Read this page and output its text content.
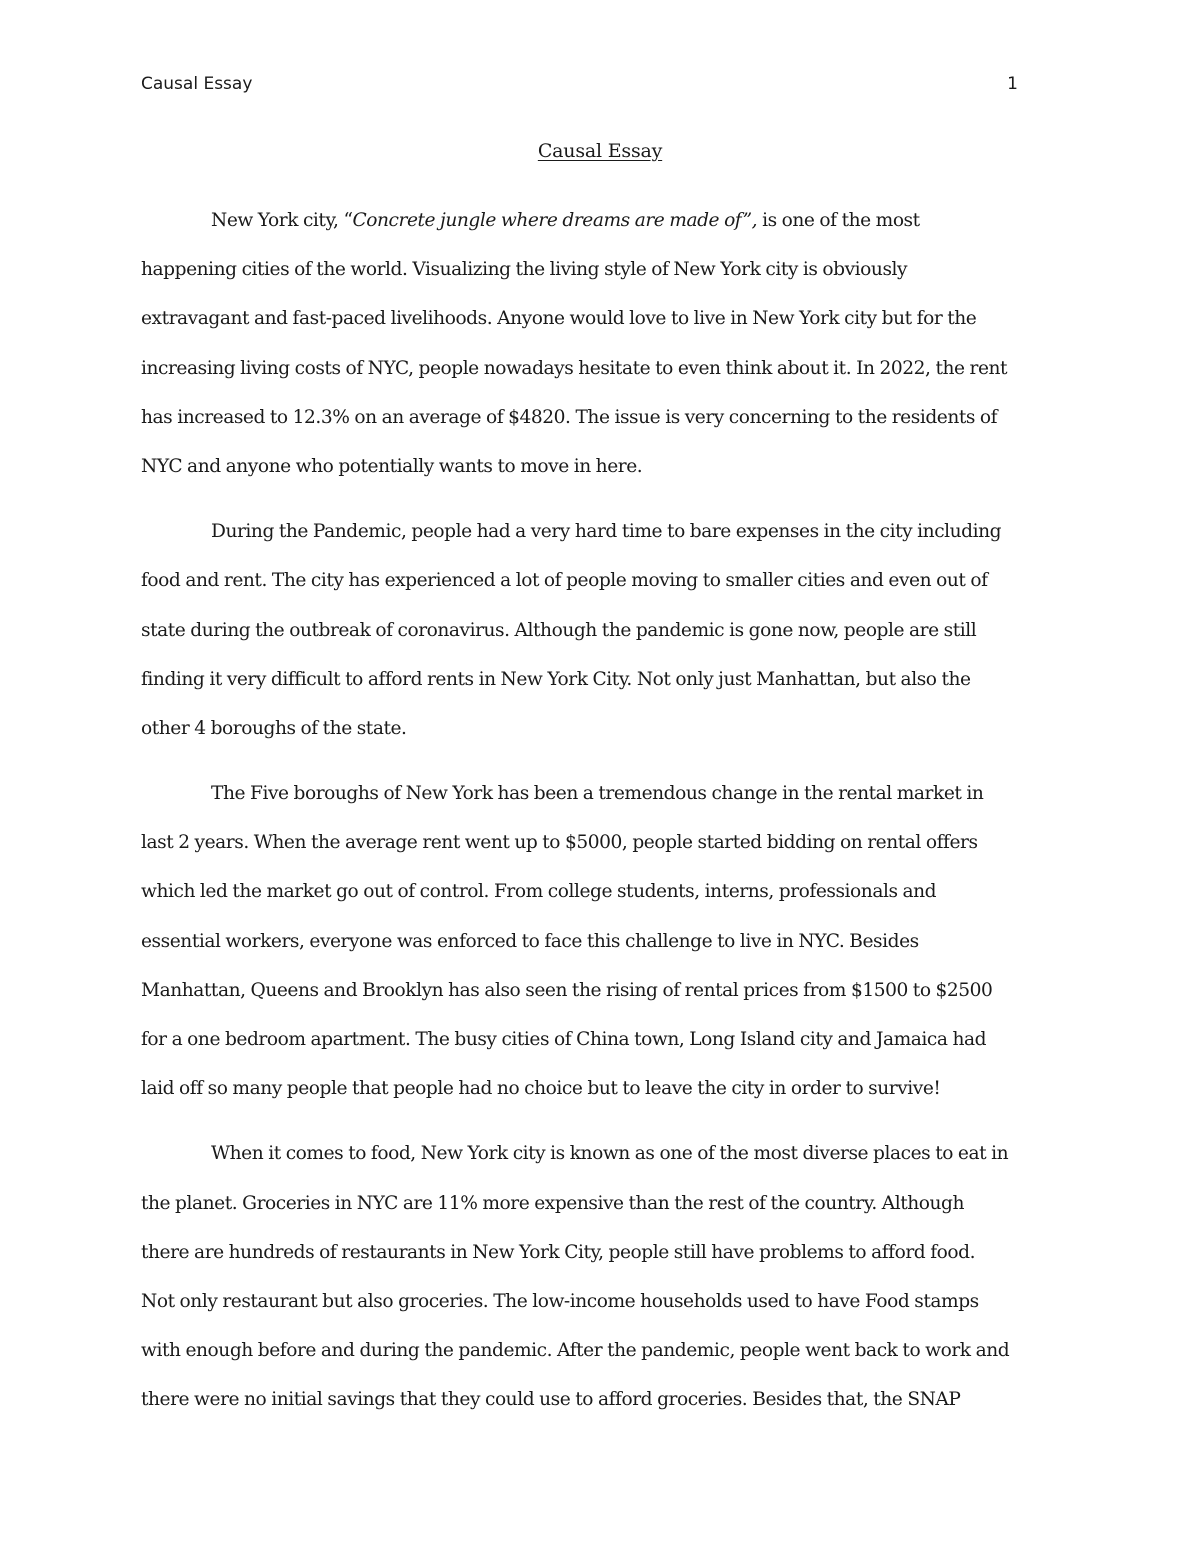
Causal Essay	1
Causal Essay
New York city, “Concrete jungle where dreams are made of”, is one of the most
happening cities of the world. Visualizing the living style of New York city is obviously
extravagant and fast-paced livelihoods. Anyone would love to live in New York city but for the
increasing living costs of NYC, people nowadays hesitate to even think about it. In 2022, the rent
has increased to 12.3% on an average of $4820. The issue is very concerning to the residents of
NYC and anyone who potentially wants to move in here.
During the Pandemic, people had a very hard time to bare expenses in the city including
food and rent. The city has experienced a lot of people moving to smaller cities and even out of
state during the outbreak of coronavirus. Although the pandemic is gone now, people are still
finding it very difficult to afford rents in New York City. Not only just Manhattan, but also the
other 4 boroughs of the state.
The Five boroughs of New York has been a tremendous change in the rental market in
last 2 years. When the average rent went up to $5000, people started bidding on rental offers
which led the market go out of control. From college students, interns, professionals and
essential workers, everyone was enforced to face this challenge to live in NYC. Besides
Manhattan, Queens and Brooklyn has also seen the rising of rental prices from $1500 to $2500
for a one bedroom apartment. The busy cities of China town, Long Island city and Jamaica had
laid off so many people that people had no choice but to leave the city in order to survive!
When it comes to food, New York city is known as one of the most diverse places to eat in
the planet. Groceries in NYC are 11% more expensive than the rest of the country. Although
there are hundreds of restaurants in New York City, people still have problems to afford food.
Not only restaurant but also groceries. The low-income households used to have Food stamps
with enough before and during the pandemic. After the pandemic, people went back to work and
there were no initial savings that they could use to afford groceries. Besides that, the SNAP
